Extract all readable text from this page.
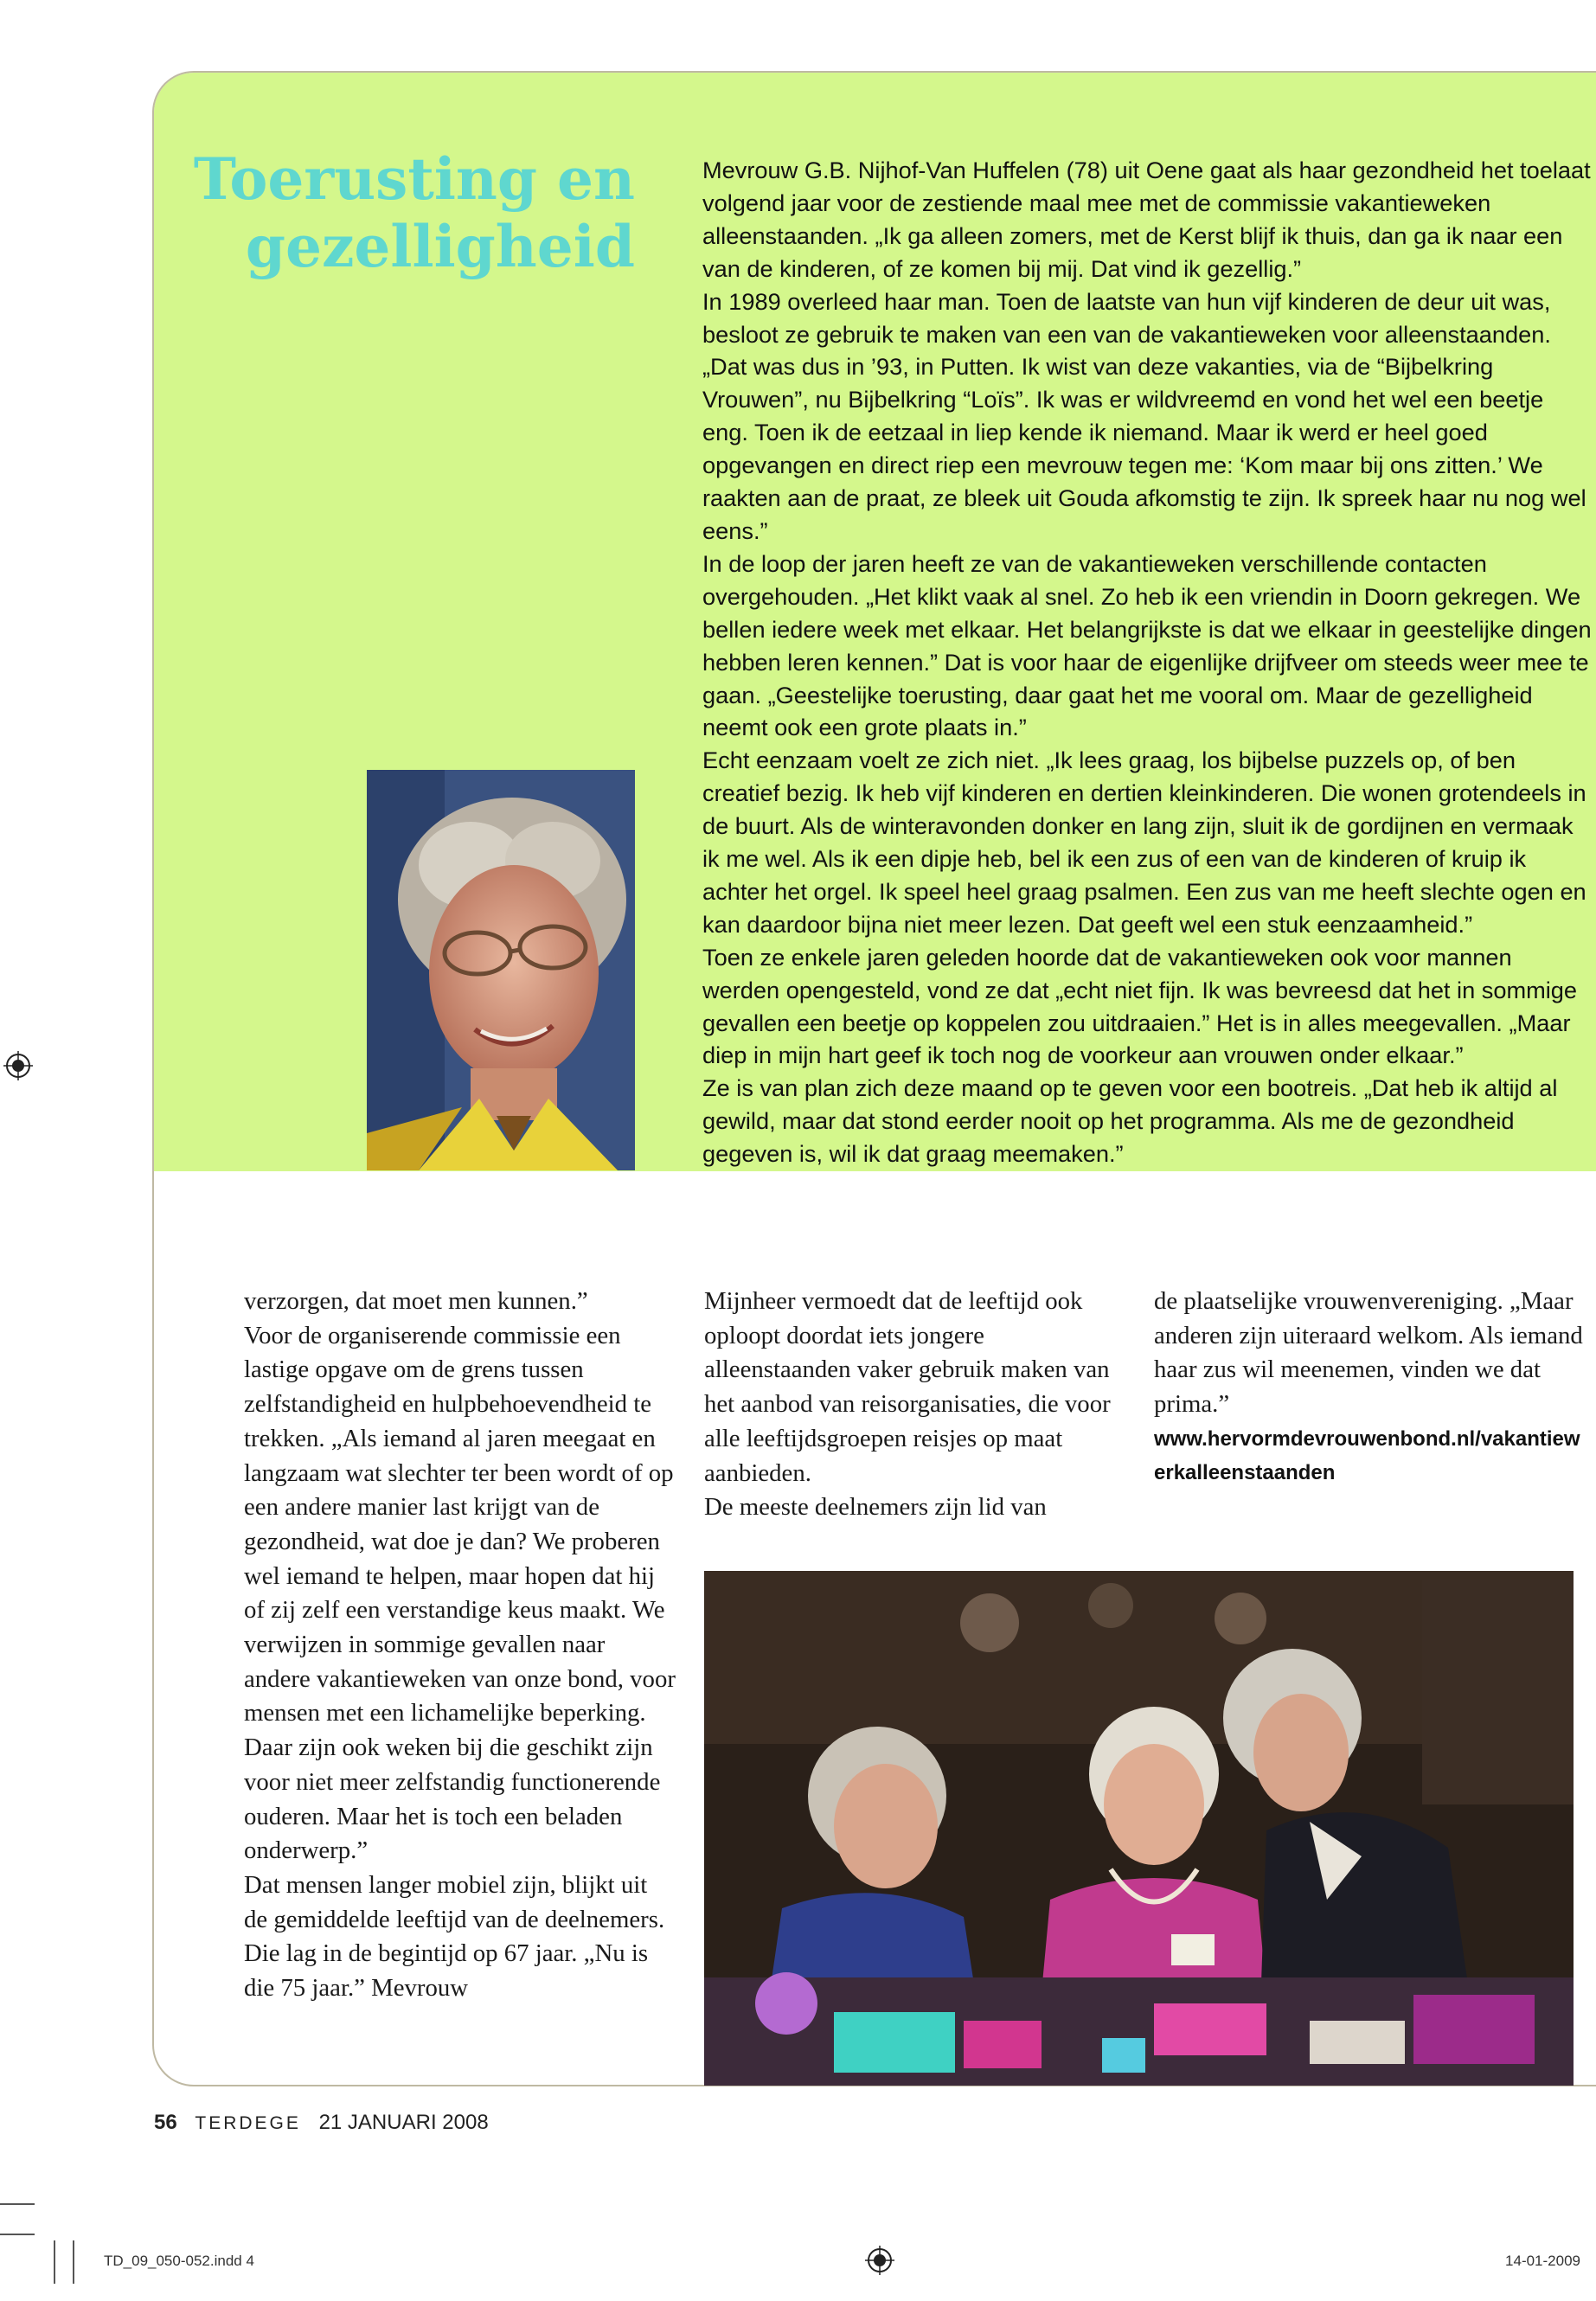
Toerusting en
gezelligheid

Mevrouw G.B. Nijhof-Van Huffelen (78) uit Oene gaat als haar gezondheid het toelaat volgend jaar voor de zestiende maal mee met de commissie vakantieweken alleenstaanden. „Ik ga alleen zomers, met de Kerst blijf ik thuis, dan ga ik naar een van de kinderen, of ze komen bij mij. Dat vind ik gezellig.”

In 1989 overleed haar man. Toen de laatste van hun vijf kinderen de deur uit was, besloot ze gebruik te maken van een van de vakantieweken voor alleenstaanden. „Dat was dus in ’93, in Putten. Ik wist van deze vakanties, via de “Bijbelkring Vrouwen”, nu Bijbelkring “Loïs”. Ik was er wildvreemd en vond het wel een beetje eng. Toen ik de eetzaal in liep kende ik niemand. Maar ik werd er heel goed opgevangen en direct riep een mevrouw tegen me: ‘Kom maar bij ons zitten.’ We raakten aan de praat, ze bleek uit Gouda afkomstig te zijn. Ik spreek haar nu nog wel eens.”

In de loop der jaren heeft ze van de vakantieweken verschillende contacten overgehouden. „Het klikt vaak al snel. Zo heb ik een vriendin in Doorn gekregen. We bellen iedere week met elkaar. Het belangrijkste is dat we elkaar in geestelijke dingen hebben leren kennen.” Dat is voor haar de eigenlijke drijfveer om steeds weer mee te gaan. „Geestelijke toerusting, daar gaat het me vooral om. Maar de gezelligheid neemt ook een grote plaats in.”

Echt eenzaam voelt ze zich niet. „Ik lees graag, los bijbelse puzzels op, of ben creatief bezig. Ik heb vijf kinderen en dertien kleinkinderen. Die wonen grotendeels in de buurt. Als de winteravonden donker en lang zijn, sluit ik de gordijnen en vermaak ik me wel. Als ik een dipje heb, bel ik een zus of een van de kinderen of kruip ik achter het orgel. Ik speel heel graag psalmen. Een zus van me heeft slechte ogen en kan daardoor bijna niet meer lezen. Dat geeft wel een stuk eenzaamheid.”

Toen ze enkele jaren geleden hoorde dat de vakantieweken ook voor mannen werden opengesteld, vond ze dat „echt niet fijn. Ik was bevreesd dat het in sommige gevallen een beetje op koppelen zou uitdraaien.” Het is in alles meegevallen. „Maar diep in mijn hart geef ik toch nog de voorkeur aan vrouwen onder elkaar.”

Ze is van plan zich deze maand op te geven voor een bootreis. „Dat heb ik altijd al gewild, maar dat stond eerder nooit op het programma. Als me de gezondheid gegeven is, wil ik dat graag meemaken.”

verzorgen, dat moet men kunnen.”

Voor de organiserende commissie een lastige opgave om de grens tussen zelfstandigheid en hulpbehoevendheid te trekken. „Als iemand al jaren meegaat en langzaam wat slechter ter been wordt of op een andere manier last krijgt van de gezondheid, wat doe je dan? We proberen wel iemand te helpen, maar hopen dat hij of zij zelf een verstandige keus maakt. We verwijzen in sommige gevallen naar andere vakantieweken van onze bond, voor mensen met een lichamelijke beperking. Daar zijn ook weken bij die geschikt zijn voor niet meer zelfstandig functionerende ouderen. Maar het is toch een beladen onderwerp.”

Dat mensen langer mobiel zijn, blijkt uit de gemiddelde leeftijd van de deelnemers. Die lag in de begintijd op 67 jaar. „Nu is die 75 jaar.” Mevrouw

Mijnheer vermoedt dat de leeftijd ook oploopt doordat iets jongere alleenstaanden vaker gebruik maken van het aanbod van reisorganisaties, die voor alle leeftijdsgroepen reisjes op maat aanbieden.

De meeste deelnemers zijn lid van

de plaatselijke vrouwenvereniging. „Maar anderen zijn uiteraard welkom. Als iemand haar zus wil meenemen, vinden we dat prima.”

www.hervormdevrouwenbond.nl/vakantiewerkalleenstaanden

56 TERDEGE 21 JANUARI 2008
TD_09_050-052.indd 4	14-01-2009
